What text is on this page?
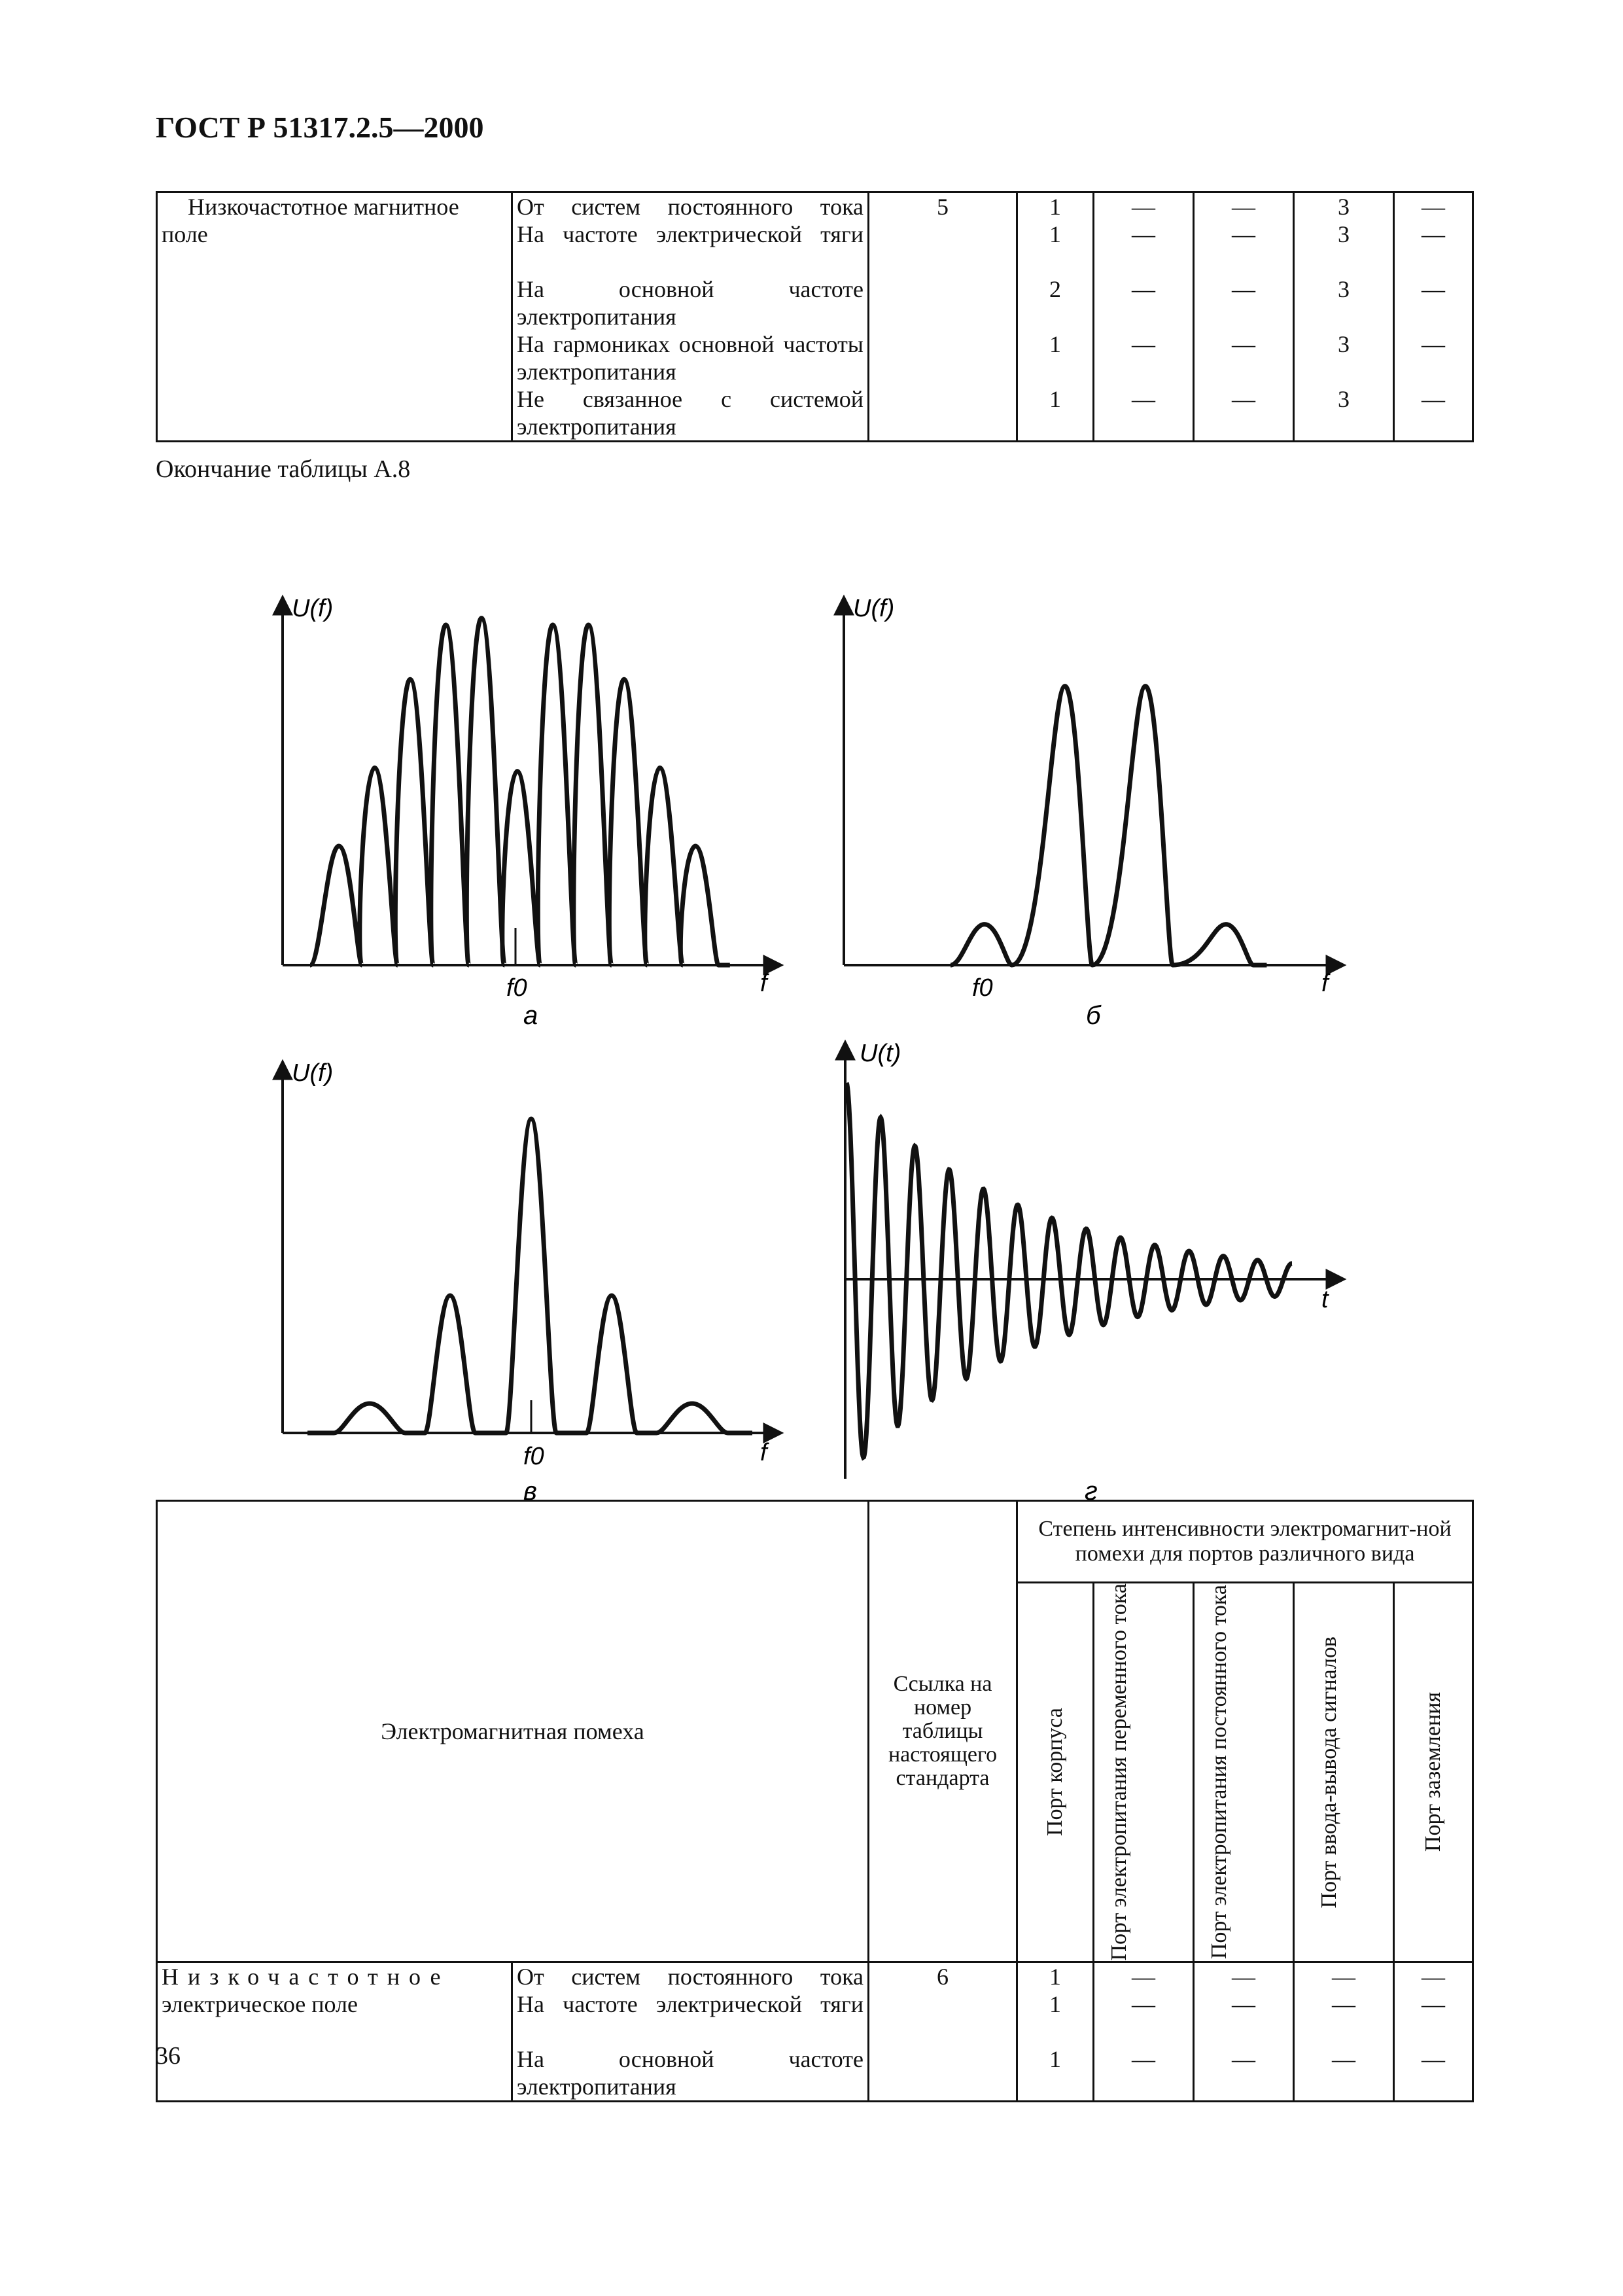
ГОСТ Р 51317.2.5—2000
Низкочастотное магнитное поле	От систем постоянного тока	5	1	—	—	3	—
	На частоте электрической тяги		1	—	—	3	—
	На основной частоте электропитания		2	—	—	3	—
	На гармониках основной частоты электропитания		1	—	—	3	—
	Не связанное с системой электропитания		1	—	—	3	—
Окончание таблицы А.8
U(f)
f
f0
а
U(f)
f
f0
б
U(f)
f
f0
в
U(t)
t
г
Электромагнитная помеха		Ссылка на номер таблицы настоящего стандарта	Степень интенсивности электромагнит-ной помехи для портов различного вида				

			Порт корпуса	Порт электропитания переменного тока	Порт электропитания постоянного тока	Порт ввода-вывода сигналов	Порт заземления

Низкочастотное
электрическое поле	От систем постоянного тока	6	1	—	—	—	—
	На частоте электрической тяги		1	—	—	—	—
	На основной частоте электропитания		1	—	—	—	—
36
